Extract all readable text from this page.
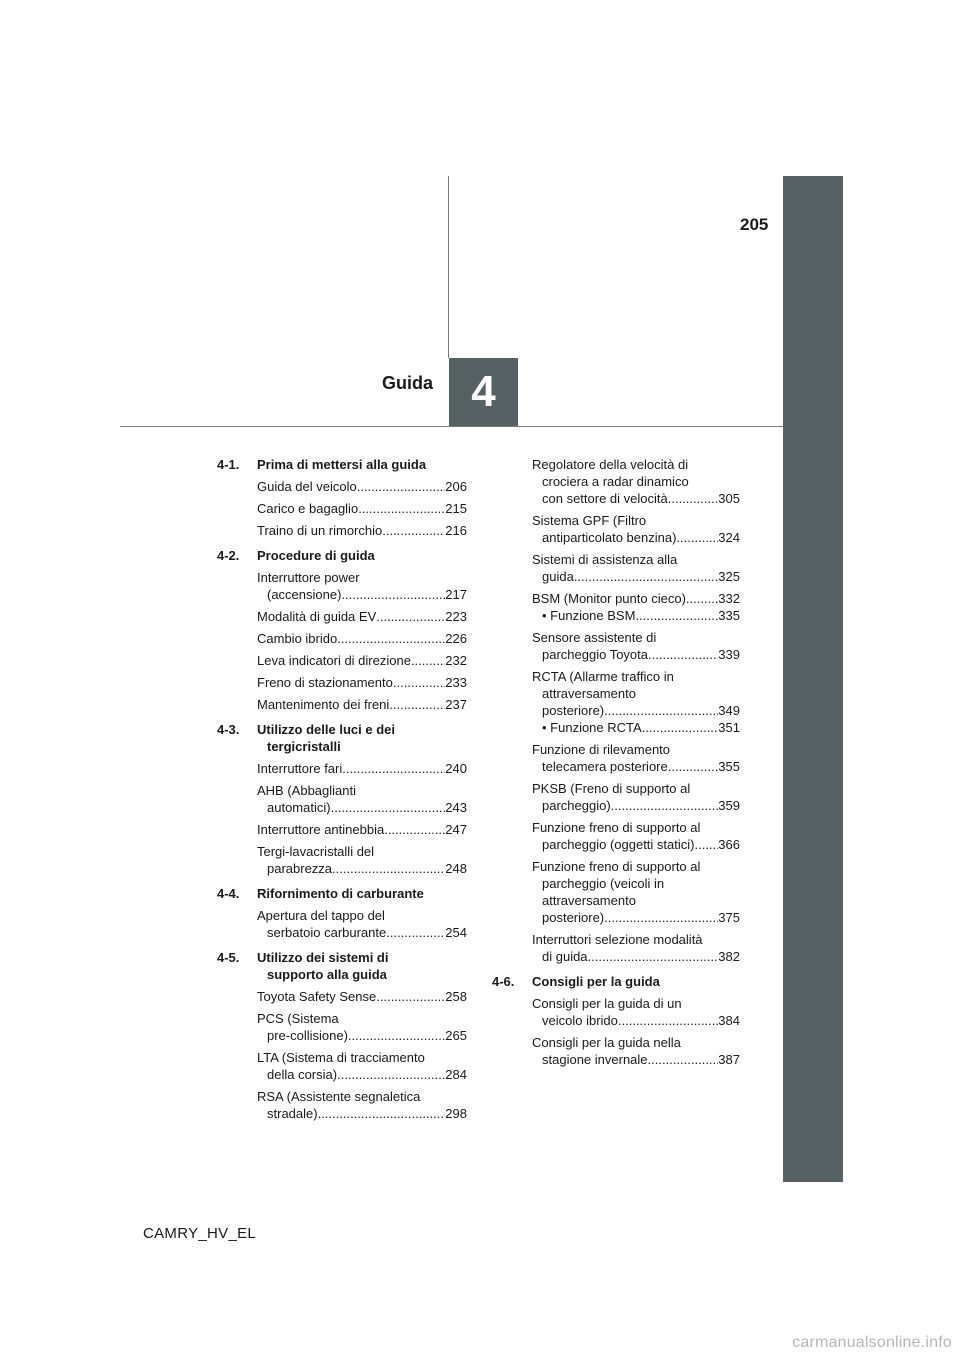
205
4
Guida
4-1.	Prima di mettersi alla guida
Guida del veicolo .....	206
Carico e bagaglio .....	215
Traino di un rimorchio .....	216
4-2.	Procedure di guida
Interruttore power
(accensione) .....	217
Modalità di guida EV .....	223
Cambio ibrido .....	226
Leva indicatori di direzione .....	232
Freno di stazionamento .....	233
Mantenimento dei freni .....	237
4-3.	Utilizzo delle luci e dei
tergicristalli
Interruttore fari .....	240
AHB (Abbaglianti
automatici) .....	243
Interruttore antinebbia .....	247
Tergi-lavacristalli del
parabrezza .....	248
4-4.	Rifornimento di carburante
Apertura del tappo del
serbatoio carburante .....	254
4-5.	Utilizzo dei sistemi di
supporto alla guida
Toyota Safety Sense .....	258
PCS (Sistema
pre-collisione) .....	265
LTA (Sistema di tracciamento
della corsia) .....	284
RSA (Assistente segnaletica
stradale) .....	298
Regolatore della velocità di
crociera a radar dinamico
con settore di velocità .....	305
Sistema GPF (Filtro
antiparticolato benzina) .....	324
Sistemi di assistenza alla
guida .....	325
BSM (Monitor punto cieco) ..... 332
• Funzione BSM .....	335
Sensore assistente di
parcheggio Toyota .....	339
RCTA (Allarme traffico in
attraversamento
posteriore) .....	349
• Funzione RCTA .....	351
Funzione di rilevamento
telecamera posteriore .....	355
PKSB (Freno di supporto al
parcheggio) .....	359
Funzione freno di supporto al
parcheggio (oggetti statici) ..... 366
Funzione freno di supporto al
parcheggio (veicoli in
attraversamento
posteriore) .....	375
Interruttori selezione modalità
di guida .....	382
4-6.	Consigli per la guida
Consigli per la guida di un
veicolo ibrido .....	384
Consigli per la guida nella
stagione invernale .....	387
CAMRY_HV_EL
carmanualsonline.info
